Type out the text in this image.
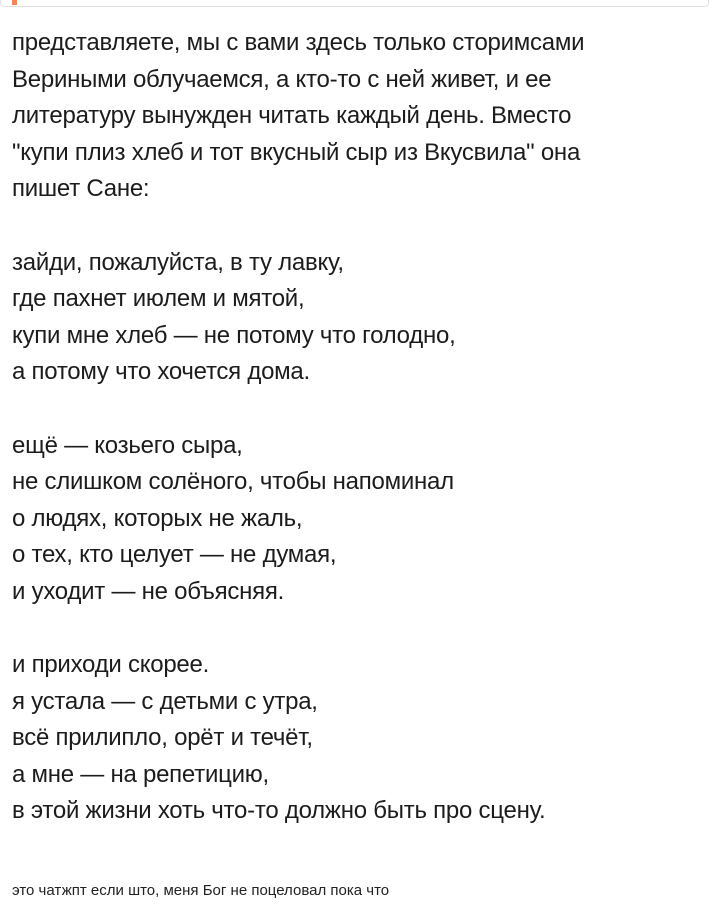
представляете, мы с вами здесь только сторимсами
Вериными облучаемся, а кто-то с ней живет, и ее
литературу вынужден читать каждый день. Вместо
"купи плиз хлеб и тот вкусный сыр из Вкусвила" она
пишет Сане:
зайди, пожалуйста, в ту лавку,
где пахнет июлем и мятой,
купи мне хлеб — не потому что голодно,
а потому что хочется дома.
ещё — козьего сыра,
не слишком солёного, чтобы напоминал
о людях, которых не жаль,
о тех, кто целует — не думая,
и уходит — не объясняя.
и приходи скорее.
я устала — с детьми с утра,
всё прилипло, орёт и течёт,
а мне — на репетицию,
в этой жизни хоть что-то должно быть про сцену.
это чатжпт если што, меня Бог не поцеловал пока что
